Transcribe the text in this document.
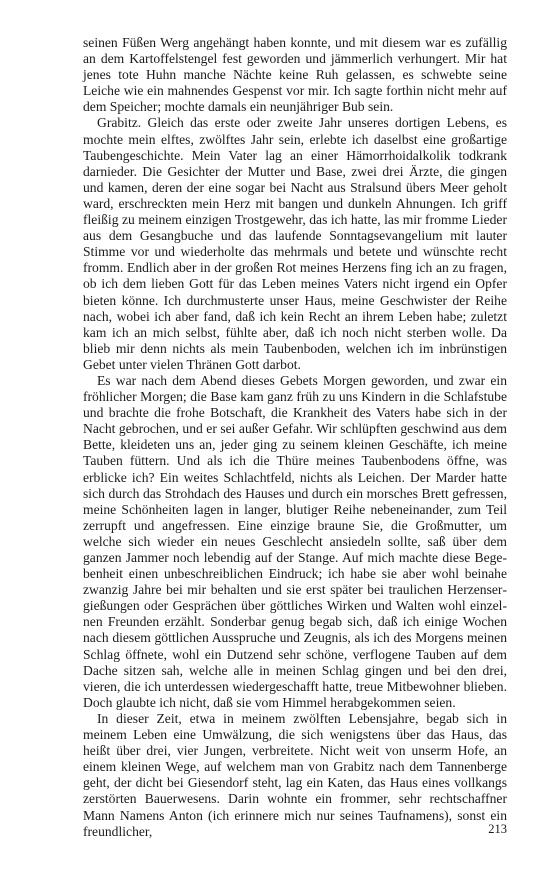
seinen Füßen Werg angehängt haben konnte, und mit diesem war es zufällig an dem Kartoffelstengel fest geworden und jämmerlich verhungert. Mir hat jenes tote Huhn manche Nächte keine Ruh gelassen, es schwebte seine Leiche wie ein mahnendes Gespenst vor mir. Ich sagte forthin nicht mehr auf dem Speicher; mochte damals ein neunjähriger Bub sein.

Grabitz. Gleich das erste oder zweite Jahr unseres dortigen Lebens, es mochte mein elftes, zwölftes Jahr sein, erlebte ich daselbst eine großartige Taubengeschichte. Mein Vater lag an einer Hämorrhoidalkolik todkrank darnieder. Die Gesichter der Mutter und Base, zwei drei Ärzte, die gingen und kamen, deren der eine sogar bei Nacht aus Stralsund übers Meer geholt ward, erschreckten mein Herz mit bangen und dunkeln Ahnungen. Ich griff fleißig zu meinem einzigen Trostgewehr, das ich hatte, las mir fromme Lieder aus dem Gesangbuche und das laufende Sonntagsevangelium mit lauter Stimme vor und wiederholte das mehrmals und betete und wünschte recht fromm. Endlich aber in der großen Rot meines Herzens fing ich an zu fragen, ob ich dem lieben Gott für das Leben meines Vaters nicht irgend ein Opfer bieten könne. Ich durchmusterte unser Haus, meine Geschwister der Reihe nach, wobei ich aber fand, daß ich kein Recht an ihrem Leben habe; zuletzt kam ich an mich selbst, fühlte aber, daß ich noch nicht sterben wolle. Da blieb mir denn nichts als mein Taubenboden, welchen ich im inbrünstigen Gebet unter vielen Thränen Gott darbot.

Es war nach dem Abend dieses Gebets Morgen geworden, und zwar ein fröhlicher Morgen; die Base kam ganz früh zu uns Kindern in die Schlafstube und brachte die frohe Botschaft, die Krankheit des Vaters habe sich in der Nacht gebrochen, und er sei außer Gefahr. Wir schlüpften geschwind aus dem Bette, kleideten uns an, jeder ging zu seinem kleinen Geschäfte, ich meine Tauben füttern. Und als ich die Thüre meines Taubenbodens öffne, was erblicke ich? Ein weites Schlachtfeld, nichts als Leichen. Der Marder hatte sich durch das Strohdach des Hauses und durch ein morsches Brett gefressen, meine Schönheiten lagen in langer, blutiger Reihe nebeneinander, zum Teil zerrupft und angefressen. Eine einzige braune Sie, die Großmutter, um welche sich wieder ein neues Geschlecht ansiedeln sollte, saß über dem ganzen Jammer noch lebendig auf der Stange. Auf mich machte diese Begebenheit einen unbeschreiblichen Eindruck; ich habe sie aber wohl beinahe zwanzig Jahre bei mir behalten und sie erst später bei traulichen Herzensergießungen oder Gesprächen über göttliches Wirken und Walten wohl einzelnen Freunden erzählt. Sonderbar genug begab sich, daß ich einige Wochen nach diesem göttlichen Ausspruche und Zeugnis, als ich des Morgens meinen Schlag öffnete, wohl ein Dutzend sehr schöne, verflogene Tauben auf dem Dache sitzen sah, welche alle in meinen Schlag gingen und bei den drei, vieren, die ich unterdessen wiedergeschafft hatte, treue Mitbewohner blieben. Doch glaubte ich nicht, daß sie vom Himmel herabgekommen seien.

In dieser Zeit, etwa in meinem zwölften Lebensjahre, begab sich in meinem Leben eine Umwälzung, die sich wenigstens über das Haus, das heißt über drei, vier Jungen, verbreitete. Nicht weit von unserm Hofe, an einem kleinen Wege, auf welchem man von Grabitz nach dem Tannenberge geht, der dicht bei Giesendorf steht, lag ein Katen, das Haus eines vollkangs zerstörten Bauerwesens. Darin wohnte ein frommer, sehr rechtschaffner Mann Namens Anton (ich erinnere mich nur seines Taufnamens), sonst ein freundlicher,	213
